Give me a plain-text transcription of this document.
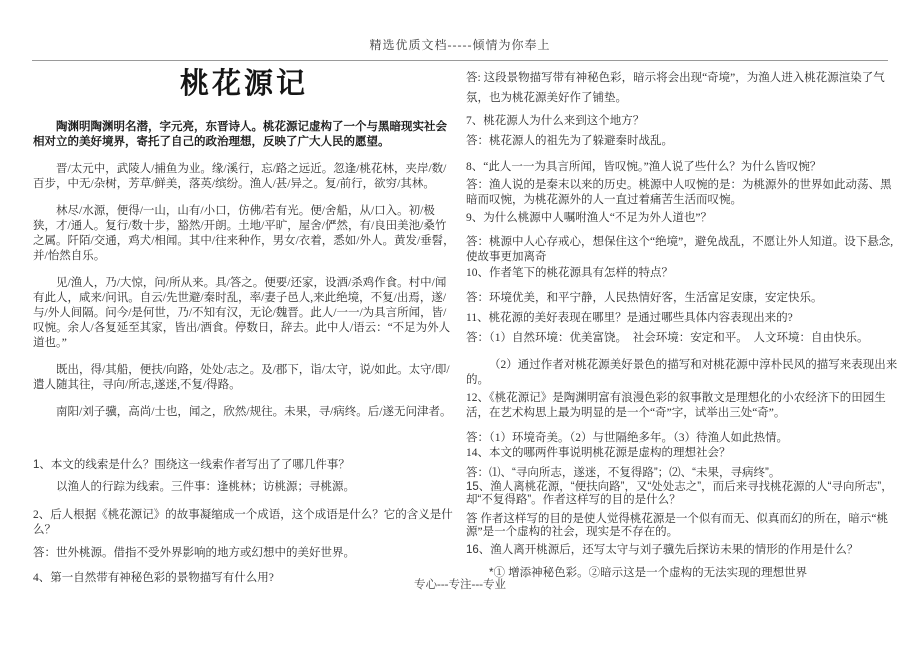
精选优质文档-----倾情为你奉上
桃花源记

陶渊明陶渊明名潜，字元亮，东晋诗人。桃花源记虚构了一个与黑暗现实社会相对立的美好境界，寄托了自己的政治理想，反映了广大人民的愿望。

晋/太元中，武陵人/捕鱼为业。缘/溪行，忘/路之远近。忽逢/桃花林，夹岸/数/百步，中无/杂树，芳草/鲜美，落英/缤纷。渔人/甚/异之。复/前行，欲穷/其林。

林尽/水源，便得/一山，山有/小口，仿佛/若有光。便/舍船，从/口入。初/极狭，才/通人。复行/数十步，豁然/开朗。土地/平旷，屋舍/俨然，有/良田美池/桑竹之属。阡陌/交通，鸡犬/相闻。其中/往来种作，男女/衣着，悉如/外人。黄发/垂髫，并/怡然自乐。

见/渔人，乃/大惊，问/所从来。具/答之。便要/还家，设酒/杀鸡作食。村中/闻有此人，咸来/问讯。自云/先世避/秦时乱，率/妻子邑人,来此绝境，不复/出焉，遂/与/外人间隔。问今/是何世，乃/不知有汉，无论/魏晋。此人/一一/为具言所闻，皆/叹惋。余人/各复延至其家，皆出/酒食。停数日，辞去。此中人/语云：“不足为外人道也。”

既出，得/其船，便扶/向路，处处/志之。及/郡下，诣/太守，说/如此。太守/即/遣人随其往，寻向/所志,遂迷,不复/得路。

南阳/刘子骥，高尚/士也，闻之，欣然/规往。未果，寻/病终。后/遂无问津者。

1、本文的线索是什么？围绕这一线索作者写出了了哪几件事？

以渔人的行踪为线索。三件事：逢桃林；访桃源；寻桃源。

2、后人根据《桃花源记》的故事凝缩成一个成语，这个成语是什么？它的含义是什么？

答：世外桃源。借指不受外界影响的地方或幻想中的美好世界。

4、第一自然带有神秘色彩的景物描写有什么用?

答: 这段景物描写带有神秘色彩，暗示将会出现“奇境”，为渔人进入桃花源渲染了气氛，也为桃花源美好作了铺垫。

7、桃花源人为什么来到这个地方？

答：桃花源人的祖先为了躲避秦时战乱。

8、“此人一一为具言所闻，皆叹惋。”渔人说了些什么？为什么皆叹惋？

答：渔人说的是秦末以来的历史。桃源中人叹惋的是：为桃源外的世界如此动荡、黑暗而叹惋，为桃花源外的人一直过着痛苦生活而叹惋。

9、为什么桃源中人嘱咐渔人“不足为外人道也”？

答：桃源中人心存戒心，想保住这个“绝境”，避免战乱，不愿让外人知道。设下悬念,使故事更加离奇

10、作者笔下的桃花源具有怎样的特点？

答：环境优美，和平宁静，人民热情好客，生活富足安康，安定快乐。

11、桃花源的美好表现在哪里？是通过哪些具体内容表现出来的?

答：（1）自然环境：优美富饶。　社会环境：安定和平。　人文环境：自由快乐。

（2）通过作者对桃花源美好景色的描写和对桃花源中淳朴民风的描写来表现出来的。

12、《桃花源记》是陶渊明富有浪漫色彩的叙事散文是理想化的小农经济下的田园生活，在艺术构思上最为明显的是一个“奇”字，试举出三处“奇”。

答：（1）环境奇美。（2）与世隔绝多年。（3）待渔人如此热情。

14、本文的哪两件事说明桃花源是虚构的理想社会？

答：⑴、“寻向所志，遂迷，不复得路”；⑵、“未果，寻病终”。

15、渔人离桃花源，“便扶向路”，又“处处志之”，而后来寻找桃花源的人“寻向所志”，却“不复得路”。作者这样写的目的是什么？

答 作者这样写的目的是使人觉得桃花源是一个似有而无、似真而幻的所在，暗示“桃源”是一个虚构的社会，现实是不存在的。

16、渔人离开桃源后，还写太守与刘子骥先后探访未果的情形的作用是什么？

*① 增添神秘色彩。②暗示这是一个虚构的无法实现的理想世界

专心---专注---专业
